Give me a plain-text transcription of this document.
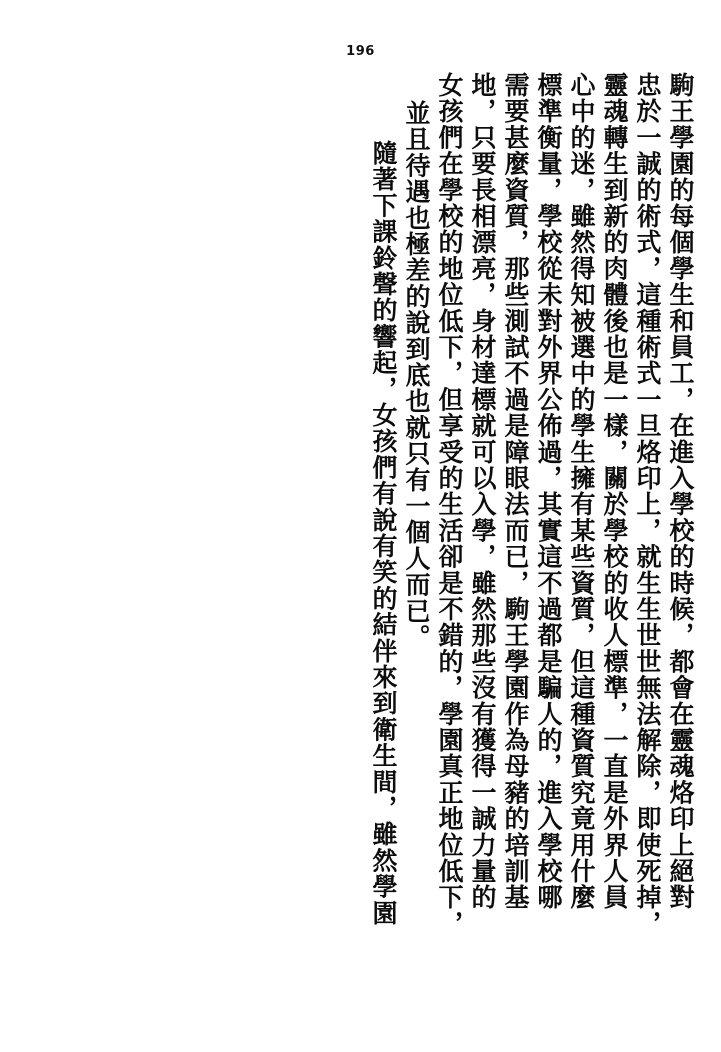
196
駒王學園的每個學生和員工，在進入學校的時候，都會在靈魂烙印上絕對
忠於一誠的術式，這種術式一旦烙印上，就生生世世無法解除，即使死掉，
靈魂轉生到新的肉體後也是一樣，關於學校的收人標準，一直是外界人員
心中的迷，雖然得知被選中的學生擁有某些資質，但這種資質究竟用什麼
標準衡量，學校從未對外界公佈過，其實這不過都是騙人的，進入學校哪
需要甚麼資質，那些測試不過是障眼法而已，駒王學園作為母豬的培訓基
地，只要長相漂亮，身材達標就可以入學，雖然那些沒有獲得一誠力量的
女孩們在學校的地位低下，但享受的生活卻是不錯的，學園真正地位低下，
並且待遇也極差的說到底也就只有一個人而已。
隨著下課鈴聲的響起，女孩們有說有笑的結伴來到衛生間，雖然學園
